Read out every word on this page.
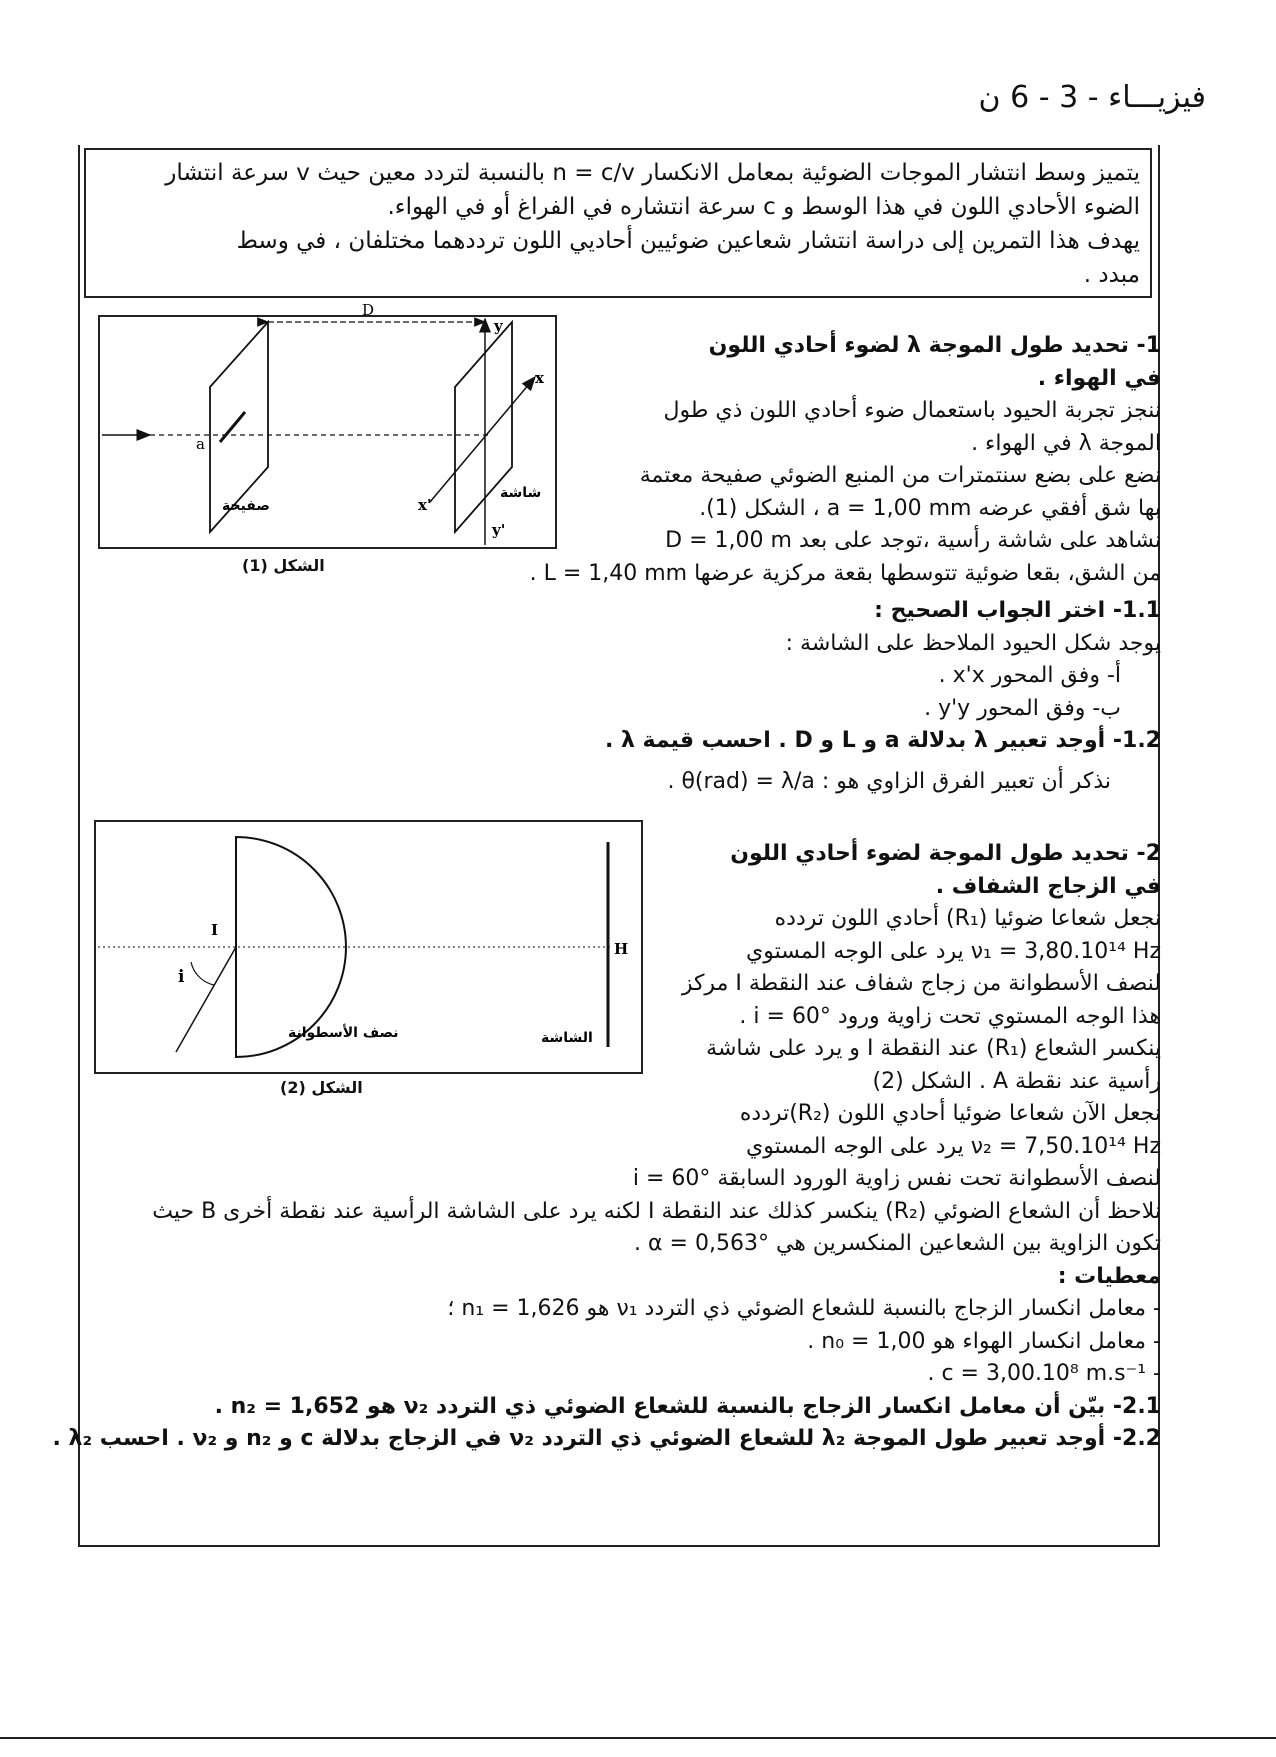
فيزيـــاء - 3 - 6 ن
يتميز وسط انتشار الموجات الضوئية بمعامل الانكسار n = c/v بالنسبة لتردد معين حيث v سرعة انتشار
الضوء الأحادي اللون في هذا الوسط و c سرعة انتشاره في الفراغ أو في الهواء.
يهدف هذا التمرين إلى دراسة انتشار شعاعين ضوئيين أحاديي اللون ترددهما مختلفان ، في وسط
مبدد .
D
a
صفيحة
شاشة
x
x'
y
y'
الشكل (1)
1- تحديد طول الموجة λ لضوء أحادي اللون
في الهواء .
ننجز تجربة الحيود باستعمال ضوء أحادي اللون ذي طول
الموجة λ في الهواء .
نضع على بضع سنتمترات من المنبع الضوئي صفيحة معتمة
بها شق أفقي عرضه a = 1,00 mm ، الشكل (1).
نشاهد على شاشة رأسية ،توجد على بعد D = 1,00 m
من الشق، بقعا ضوئية تتوسطها بقعة مركزية عرضها L = 1,40 mm .
1.1- اختر الجواب الصحيح :
يوجد شكل الحيود الملاحظ على الشاشة :
أ- وفق المحور x'x .
ب- وفق المحور y'y .
1.2- أوجد تعبير λ بدلالة a و L و D . احسب قيمة λ .
نذكر أن تعبير الفرق الزاوي هو : θ(rad) = λ/a .
I
i
H
نصف الأسطوانة	الشاشة
الشكل (2)
2- تحديد طول الموجة لضوء أحادي اللون
في الزجاج الشفاف .
نجعل شعاعا ضوئيا (R₁) أحادي اللون تردده
ν₁ = 3,80.10¹⁴ Hz يرد على الوجه المستوي
لنصف الأسطوانة من زجاج شفاف عند النقطة I مركز
هذا الوجه المستوي تحت زاوية ورود i = 60° .
ينكسر الشعاع (R₁) عند النقطة I و يرد على شاشة
رأسية عند نقطة A . الشكل (2)
نجعل الآن شعاعا ضوئيا أحادي اللون (R₂)تردده
ν₂ = 7,50.10¹⁴ Hz يرد على الوجه المستوي
لنصف الأسطوانة تحت نفس زاوية الورود السابقة i = 60°
نلاحظ أن الشعاع الضوئي (R₂) ينكسر كذلك عند النقطة I لكنه يرد على الشاشة الرأسية عند نقطة أخرى B حيث
تكون الزاوية بين الشعاعين المنكسرين هي α = 0,563° .
معطيات :
- معامل انكسار الزجاج بالنسبة للشعاع الضوئي ذي التردد ν₁ هو n₁ = 1,626 ؛
- معامل انكسار الهواء هو n₀ = 1,00 .
- c = 3,00.10⁸ m.s⁻¹ .
2.1- بيّن أن معامل انكسار الزجاج بالنسبة للشعاع الضوئي ذي التردد ν₂ هو n₂ = 1,652 .
2.2- أوجد تعبير طول الموجة λ₂ للشعاع الضوئي ذي التردد ν₂ في الزجاج بدلالة c و n₂ و ν₂ . احسب λ₂ .
